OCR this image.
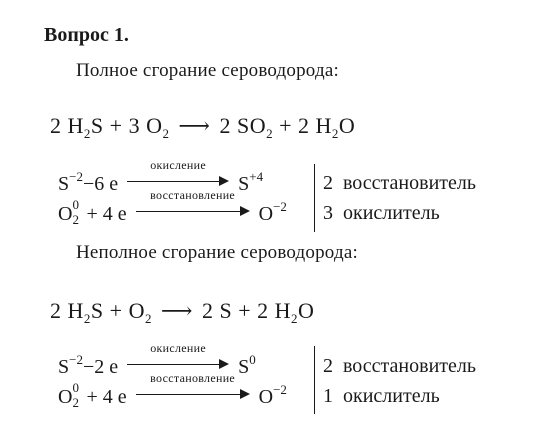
Вопрос 1.
Полное сгорание сероводорода:
2 $H_2S + 3$ $O_2$ ⟶ 2 $SO_2 + 2$ $H_2O$
$S^{-2}-6$ e
окисление
$S^{+4}$
O 0
2 + 4 e
восстановление
$O^{-2}$
2 восстановитель
3 окислитель
Неполное сгорание сероводорода:
2 $H_2S + O_2$ ⟶ 2 S + 2 $H_2O$
$S^{-2}-2$ e
окисление
$S^0$
O 0
2 + 4 e
восстановление
$O^{-2}$
2 восстановитель
1 окислитель
